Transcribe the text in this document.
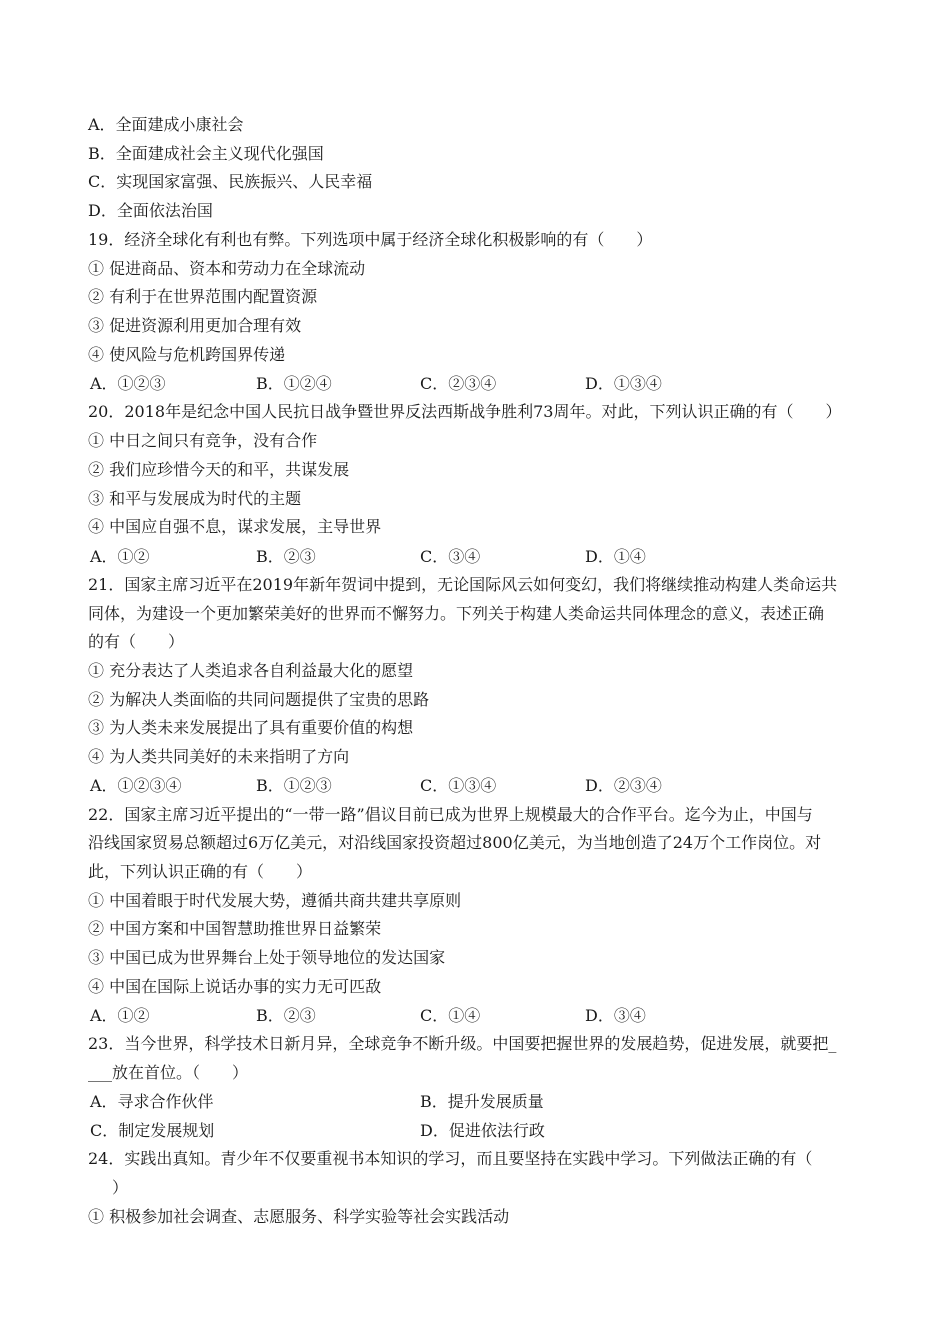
A．全面建成小康社会
B．全面建成社会主义现代化强国
C．实现国家富强、民族振兴、人民幸福
D．全面依法治国
19．经济全球化有利也有弊。下列选项中属于经济全球化积极影响的有（　　）
① 促进商品、资本和劳动力在全球流动
② 有利于在世界范围内配置资源
③ 促进资源利用更加合理有效
④ 使风险与危机跨国界传递
A．①②③	B．①②④	C．②③④	D．①③④
20．2018年是纪念中国人民抗日战争暨世界反法西斯战争胜利73周年。对此，下列认识正确的有（　　）
① 中日之间只有竞争，没有合作
② 我们应珍惜今天的和平，共谋发展
③ 和平与发展成为时代的主题
④ 中国应自强不息，谋求发展，主导世界
A．①②	B．②③	C．③④	D．①④
21．国家主席习近平在2019年新年贺词中提到，无论国际风云如何变幻，我们将继续推动构建人类命运共
同体，为建设一个更加繁荣美好的世界而不懈努力。下列关于构建人类命运共同体理念的意义，表述正确
的有（　　）
① 充分表达了人类追求各自利益最大化的愿望
② 为解决人类面临的共同问题提供了宝贵的思路
③ 为人类未来发展提出了具有重要价值的构想
④ 为人类共同美好的未来指明了方向
A．①②③④	B．①②③	C．①③④	D．②③④
22．国家主席习近平提出的“一带一路”倡议目前已成为世界上规模最大的合作平台。迄今为止，中国与
沿线国家贸易总额超过6万亿美元，对沿线国家投资超过800亿美元，为当地创造了24万个工作岗位。对
此，下列认识正确的有（　　）
① 中国着眼于时代发展大势，遵循共商共建共享原则
② 中国方案和中国智慧助推世界日益繁荣
③ 中国已成为世界舞台上处于领导地位的发达国家
④ 中国在国际上说话办事的实力无可匹敌
A．①②	B．②③	C．①④	D．③④
23．当今世界，科学技术日新月异，全球竞争不断升级。中国要把握世界的发展趋势，促进发展，就要把_
___放在首位。（　　）
A．寻求合作伙伴	B．提升发展质量
C．制定发展规划	D．促进依法行政
24．实践出真知。青少年不仅要重视书本知识的学习，而且要坚持在实践中学习。下列做法正确的有（
　）
① 积极参加社会调查、志愿服务、科学实验等社会实践活动
